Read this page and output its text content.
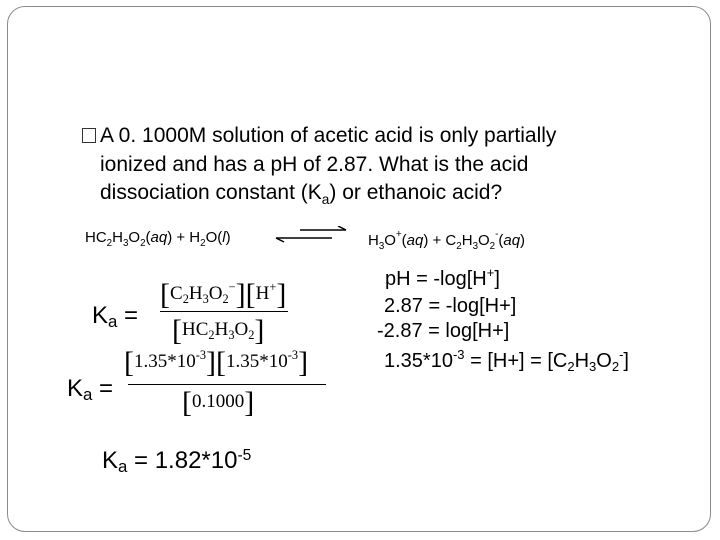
A 0. 1000M solution of acetic acid is only partially
ionized and has a pH of 2.87. What is the acid
dissociation constant $(K_a)$ or ethanoic acid?
$HC_2H_3O_2(aq) + H_2O(l)$	$H_3O^+(aq) + C_2H_3O_2^-(aq)$
$K_a$ =
$[C_2H_3O_2^-][H^+]$
$[HC_2H_3O_2]$
$K_a$ =
$[1.35*10^{-3}][1.35*10^{-3}]$
[0.1000]
$K_a = 1.82*10^{-5}$
pH = -log[H+]
2.87 = -log[H+]
-2.87 = log[H+]
$1.35*10^{-3} = [H+] = [C_2H_3O_2^-]$
